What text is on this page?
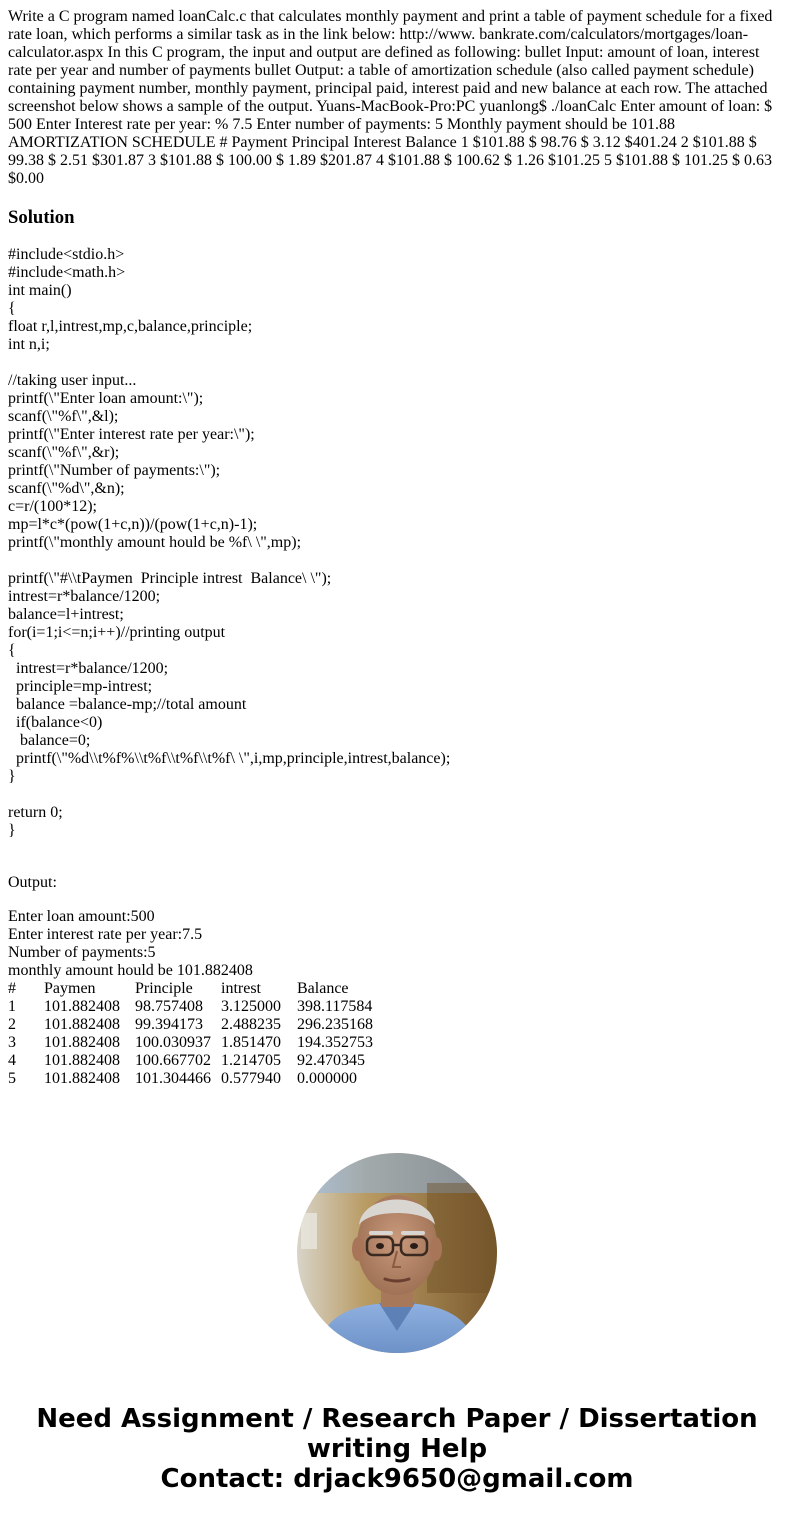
Write a C program named loanCalc.c that calculates monthly payment and print a table of payment schedule for a fixed rate loan, which performs a similar task as in the link below: http://www. bankrate.com/calculators/mortgages/loan-calculator.aspx In this C program, the input and output are defined as following: bullet Input: amount of loan, interest rate per year and number of payments bullet Output: a table of amortization schedule (also called payment schedule) containing payment number, monthly payment, principal paid, interest paid and new balance at each row. The attached screenshot below shows a sample of the output. Yuans-MacBook-Pro:PC yuanlong$ ./loanCalc Enter amount of loan: $ 500 Enter Interest rate per year: % 7.5 Enter number of payments: 5 Monthly payment should be 101.88 AMORTIZATION SCHEDULE # Payment Principal Interest Balance 1 $101.88 $ 98.76 $ 3.12 $401.24 2 $101.88 $ 99.38 $ 2.51 $301.87 3 $101.88 $ 100.00 $ 1.89 $201.87 4 $101.88 $ 100.62 $ 1.26 $101.25 5 $101.88 $ 101.25 $ 0.63 $0.00

Solution
#include<stdio.h>
#include<math.h>
int main()
{
float r,l,intrest,mp,c,balance,principle;
int n,i;

//taking user input...
printf(\"Enter loan amount:\");
scanf(\"%f\",&l);
printf(\"Enter interest rate per year:\");
scanf(\"%f\",&r);
printf(\"Number of payments:\");
scanf(\"%d\",&n);
c=r/(100*12);
mp=l*c*(pow(1+c,n))/(pow(1+c,n)-1);
printf(\"monthly amount hould be %f\ \",mp);

printf(\"#\\tPaymen  Principle intrest  Balance\ \");
intrest=r*balance/1200;
balance=l+intrest;
for(i=1;i<=n;i++)//printing output
{
intrest=r*balance/1200;
principle=mp-intrest;
balance =balance-mp;//total amount
if(balance<0)
balance=0;
printf(\"%d\\t%f%\\t%f\\t%f\\t%f\ \",i,mp,principle,intrest,balance);
}

return 0;
}
Output:
Enter loan amount:500
Enter interest rate per year:7.5
Number of payments:5
monthly amount hould be 101.882408
# Paymen Principle intrest Balance
1 101.882408 98.757408 3.125000 398.117584
2 101.882408 99.394173 2.488235 296.235168
3 101.882408 100.030937 1.851470 194.352753
4 101.882408 100.667702 1.214705 92.470345
5 101.882408 101.304466 0.577940 0.000000
Need Assignment / Research Paper / Dissertation
writing Help
Contact: drjack9650@gmail.com
